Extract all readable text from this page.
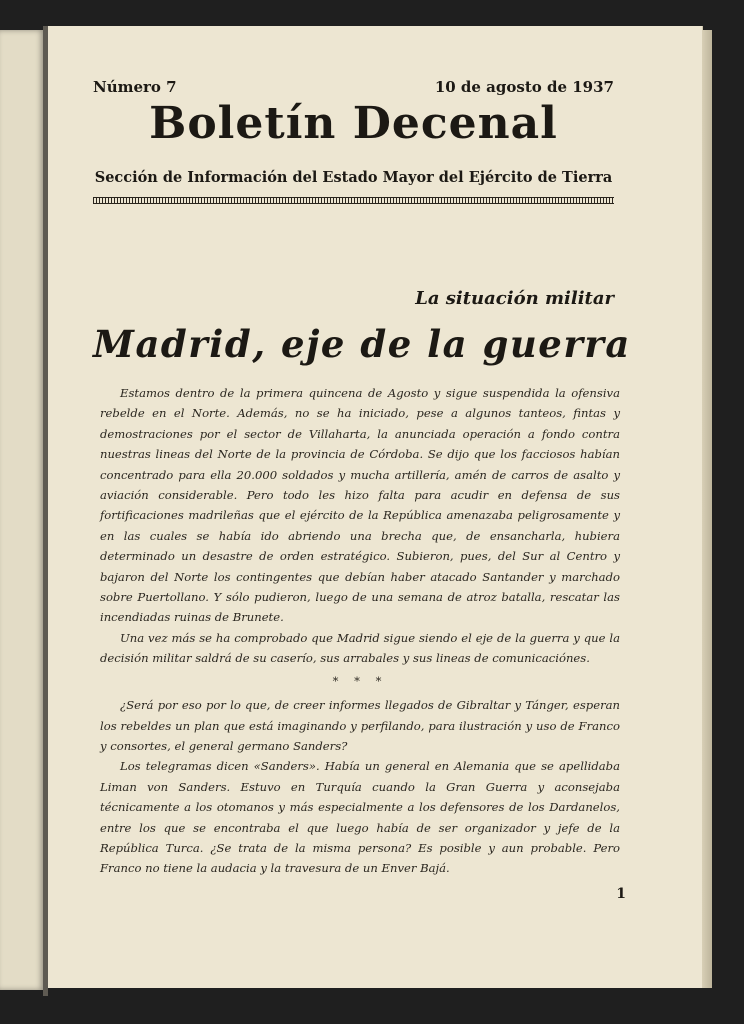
Número 7	10 de agosto de 1937
Boletín Decenal
Sección de Información del Estado Mayor del Ejército de Tierra
La situación militar
Madrid, eje de la guerra

Estamos dentro de la primera quincena de Agosto y sigue suspendida la ofensiva rebelde en el Norte. Además, no se ha iniciado, pese a algunos tanteos, fintas y demostraciones por el sector de Villaharta, la anunciada operación a fondo contra nuestras lineas del Norte de la provincia de Córdoba. Se dijo que los facciosos habían concentrado para ella 20.000 soldados y mucha artillería, amén de carros de asalto y aviación considerable. Pero todo les hizo falta para acudir en defensa de sus fortificaciones madrileñas que el ejército de la República amenazaba peligrosamente y en las cuales se había ido abriendo una brecha que, de ensancharla, hubiera determinado un desastre de orden estratégico. Subieron, pues, del Sur al Centro y bajaron del Norte los contingentes que debían haber atacado Santander y marchado sobre Puertollano. Y sólo pudieron, luego de una semana de atroz batalla, rescatar las incendiadas ruinas de Brunete.

Una vez más se ha comprobado que Madrid sigue siendo el eje de la guerra y que la decisión militar saldrá de su caserío, sus arrabales y sus lineas de comunicaciónes.

* * *

¿Será por eso por lo que, de creer informes llegados de Gibraltar y Tánger, esperan los rebeldes un plan que está imaginando y perfilando, para ilustración y uso de Franco y consortes, el general germano Sanders?

Los telegramas dicen «Sanders». Había un general en Alemania que se apellidaba Liman von Sanders. Estuvo en Turquía cuando la Gran Guerra y aconsejaba técnicamente a los otomanos y más especialmente a los defensores de los Dardanelos, entre los que se encontraba el que luego había de ser organizador y jefe de la República Turca. ¿Se trata de la misma persona? Es posible y aun probable. Pero Franco no tiene la audacia y la travesura de un Enver Bajá.

1
